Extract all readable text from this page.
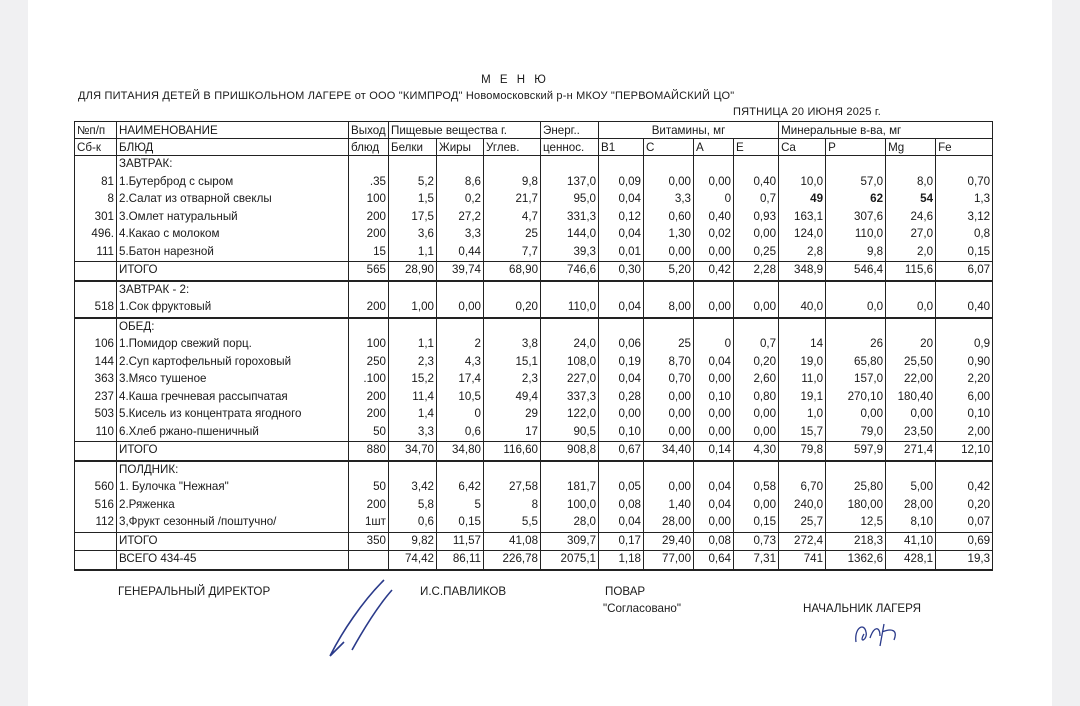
М Е Н Ю
ДЛЯ ПИТАНИЯ ДЕТЕЙ В ПРИШКОЛЬНОМ ЛАГЕРЕ от ООО "КИМПРОД" Новомосковский р-н МКОУ "ПЕРВОМАЙСКИЙ ЦО"
ПЯТНИЦА 20 ИЮНЯ 2025 г.
№п/п	НАИМЕНОВАНИЕ	Выход	Пищевые вещества г.			Энерг..	Витамины, мг				Минеральные в-ва, мг			
Сб-к	БЛЮД	блюд	Белки	Жиры	Углев.	ценнос.	B1	C	A	E	Ca	P	Mg	Fe
	ЗАВТРАК:													
81	1.Бутерброд с сыром	.35	5,2	8,6	9,8	137,0	0,09	0,00	0,00	0,40	10,0	57,0	8,0	0,70
8	2.Салат из отварной свеклы	100	1,5	0,2	21,7	95,0	0,04	3,3	0	0,7	49	62	54	1,3
301	3.Омлет натуральный	200	17,5	27,2	4,7	331,3	0,12	0,60	0,40	0,93	163,1	307,6	24,6	3,12
496.	4.Какао с молоком	200	3,6	3,3	25	144,0	0,04	1,30	0,02	0,00	124,0	110,0	27,0	0,8
111	5.Батон нарезной	15	1,1	0,44	7,7	39,3	0,01	0,00	0,00	0,25	2,8	9,8	2,0	0,15
	ИТОГО	565	28,90	39,74	68,90	746,6	0,30	5,20	0,42	2,28	348,9	546,4	115,6	6,07
	ЗАВТРАК - 2:													
518	1.Сок фруктовый	200	1,00	0,00	0,20	110,0	0,04	8,00	0,00	0,00	40,0	0,0	0,0	0,40
	ОБЕД:													
106	1.Помидор свежий порц.	100	1,1	2	3,8	24,0	0,06	25	0	0,7	14	26	20	0,9
144	2.Суп картофельный гороховый	250	2,3	4,3	15,1	108,0	0,19	8,70	0,04	0,20	19,0	65,80	25,50	0,90
363	3.Мясо тушеное	.100	15,2	17,4	2,3	227,0	0,04	0,70	0,00	2,60	11,0	157,0	22,00	2,20
237	4.Каша гречневая рассыпчатая	200	11,4	10,5	49,4	337,3	0,28	0,00	0,10	0,80	19,1	270,10	180,40	6,00
503	5.Кисель из концентрата ягодного	200	1,4	0	29	122,0	0,00	0,00	0,00	0,00	1,0	0,00	0,00	0,10
110	6.Хлеб ржано-пшеничный	50	3,3	0,6	17	90,5	0,10	0,00	0,00	0,00	15,7	79,0	23,50	2,00
	ИТОГО	880	34,70	34,80	116,60	908,8	0,67	34,40	0,14	4,30	79,8	597,9	271,4	12,10
	ПОЛДНИК:													
560	1. Булочка "Нежная"	50	3,42	6,42	27,58	181,7	0,05	0,00	0,04	0,58	6,70	25,80	5,00	0,42
516	2.Ряженка	200	5,8	5	8	100,0	0,08	1,40	0,04	0,00	240,0	180,00	28,00	0,20
112	3,Фрукт сезонный /поштучно/	1шт	0,6	0,15	5,5	28,0	0,04	28,00	0,00	0,15	25,7	12,5	8,10	0,07
	ИТОГО	350	9,82	11,57	41,08	309,7	0,17	29,40	0,08	0,73	272,4	218,3	41,10	0,69
	ВСЕГО 434-45		74,42	86,11	226,78	2075,1	1,18	77,00	0,64	7,31	741	1362,6	428,1	19,3
ГЕНЕРАЛЬНЫЙ ДИРЕКТОР	И.С.ПАВЛИКОВ	ПОВАР
"Согласовано"	НАЧАЛЬНИК ЛАГЕРЯ
